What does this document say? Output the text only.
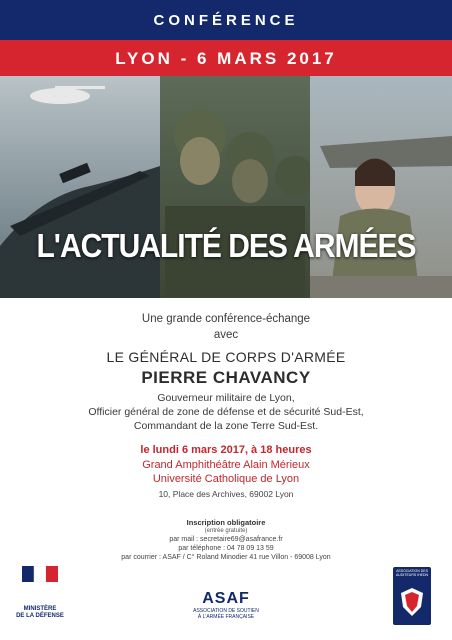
CONFÉRENCE
LYON - 6 MARS 2017
L'ACTUALITÉ DES ARMÉES
Une grande conférence-échange
avec
LE GÉNÉRAL DE CORPS D'ARMÉE
PIERRE CHAVANCY
Gouverneur militaire de Lyon,
Officier général de zone de défense et de sécurité Sud-Est,
Commandant de la zone Terre Sud-Est.
le lundi 6 mars 2017, à 18 heures
Grand Amphithéâtre Alain Mérieux
Université Catholique de Lyon
10, Place des Archives, 69002 Lyon
Inscription obligatoire
(entrée gratuite)
par mail : secretaire69@asafrance.fr
par téléphone : 04 78 09 13 59
par courrier : ASAF / C° Roland Minodier 41 rue Villon - 69008 Lyon
MINISTÈRE
DE LA DÉFENSE
ASAF
ASSOCIATION DE SOUTIEN
À L'ARMÉE FRANÇAISE
ASSOCIATION DES AUDITEURS IHEDN
